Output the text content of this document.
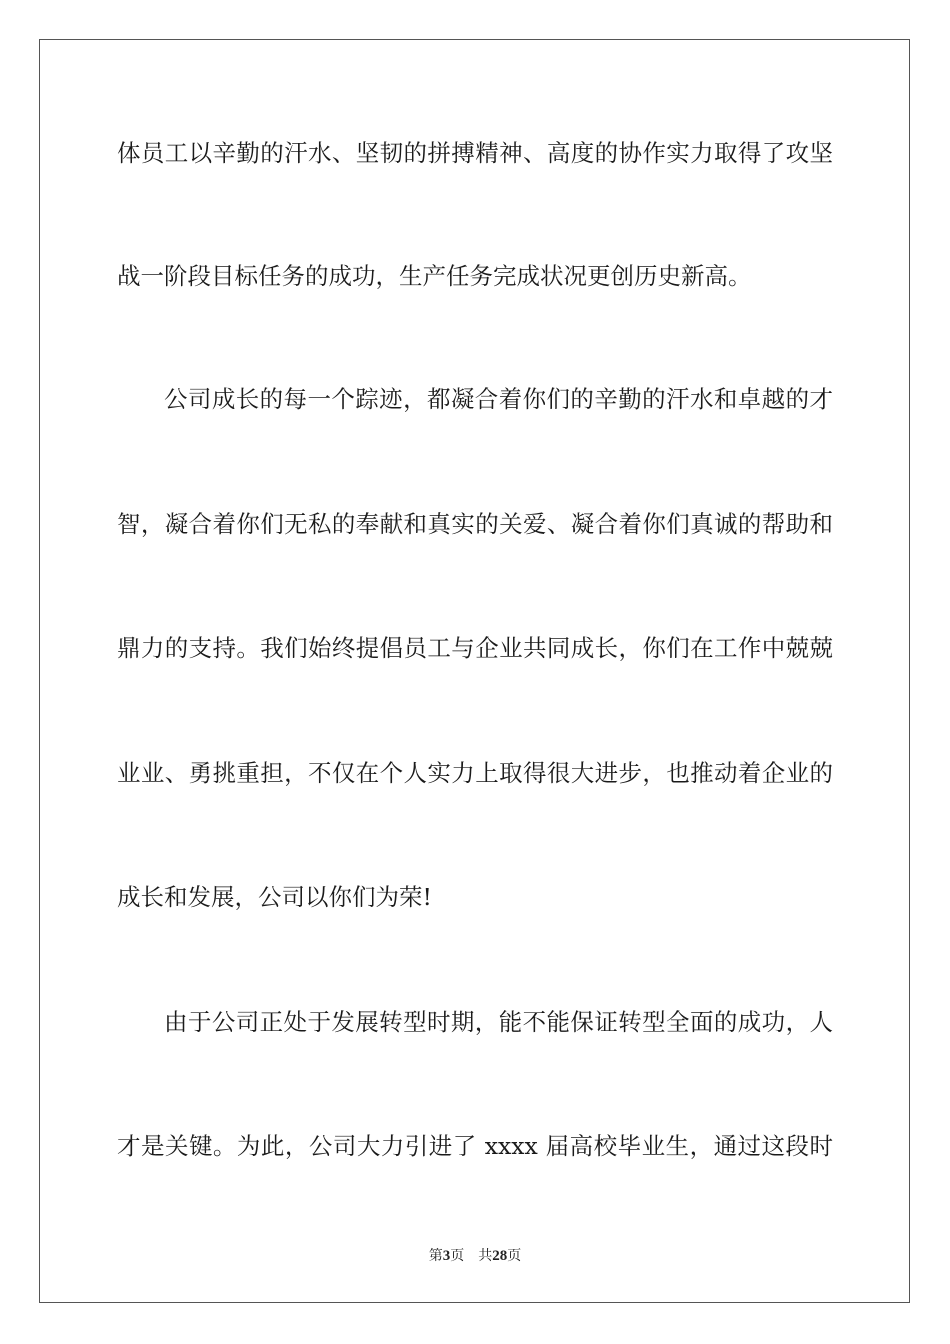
体员工以辛勤的汗水、坚韧的拼搏精神、高度的协作实力取得了攻坚
战一阶段目标任务的成功，生产任务完成状况更创历史新高。
公司成长的每一个踪迹，都凝合着你们的辛勤的汗水和卓越的才
智，凝合着你们无私的奉献和真实的关爱、凝合着你们真诚的帮助和
鼎力的支持。我们始终提倡员工与企业共同成长，你们在工作中兢兢
业业、勇挑重担，不仅在个人实力上取得很大进步，也推动着企业的
成长和发展，公司以你们为荣!
由于公司正处于发展转型时期，能不能保证转型全面的成功，人
才是关键。为此，公司大力引进了 xxxx 届高校毕业生，通过这段时
第3页 共28页
